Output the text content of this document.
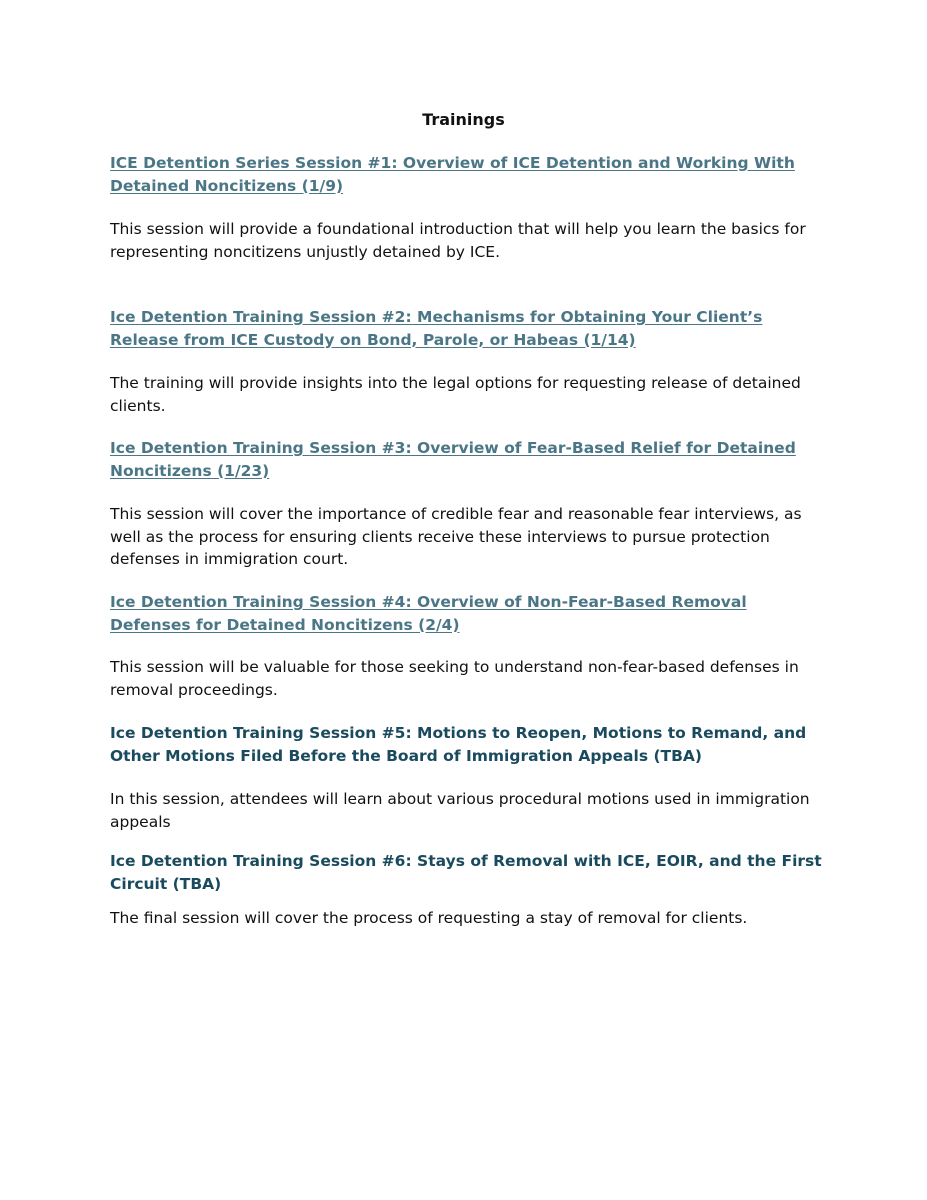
Trainings
ICE Detention Series Session #1: Overview of ICE Detention and Working With Detained Noncitizens (1/9)

This session will provide a foundational introduction that will help you learn the basics for representing noncitizens unjustly detained by ICE.

Ice Detention Training Session #2: Mechanisms for Obtaining Your Client’s Release from ICE Custody on Bond, Parole, or Habeas (1/14)

The training will provide insights into the legal options for requesting release of detained clients.

Ice Detention Training Session #3: Overview of Fear-Based Relief for Detained Noncitizens (1/23)

This session will cover the importance of credible fear and reasonable fear interviews, as well as the process for ensuring clients receive these interviews to pursue protection defenses in immigration court.

Ice Detention Training Session #4: Overview of Non-Fear-Based Removal Defenses for Detained Noncitizens (2/4)

This session will be valuable for those seeking to understand non-fear-based defenses in removal proceedings.

Ice Detention Training Session #5: Motions to Reopen, Motions to Remand, and Other Motions Filed Before the Board of Immigration Appeals (TBA)

In this session, attendees will learn about various procedural motions used in immigration appeals

Ice Detention Training Session #6: Stays of Removal with ICE, EOIR, and the First Circuit (TBA)

The final session will cover the process of requesting a stay of removal for clients.
